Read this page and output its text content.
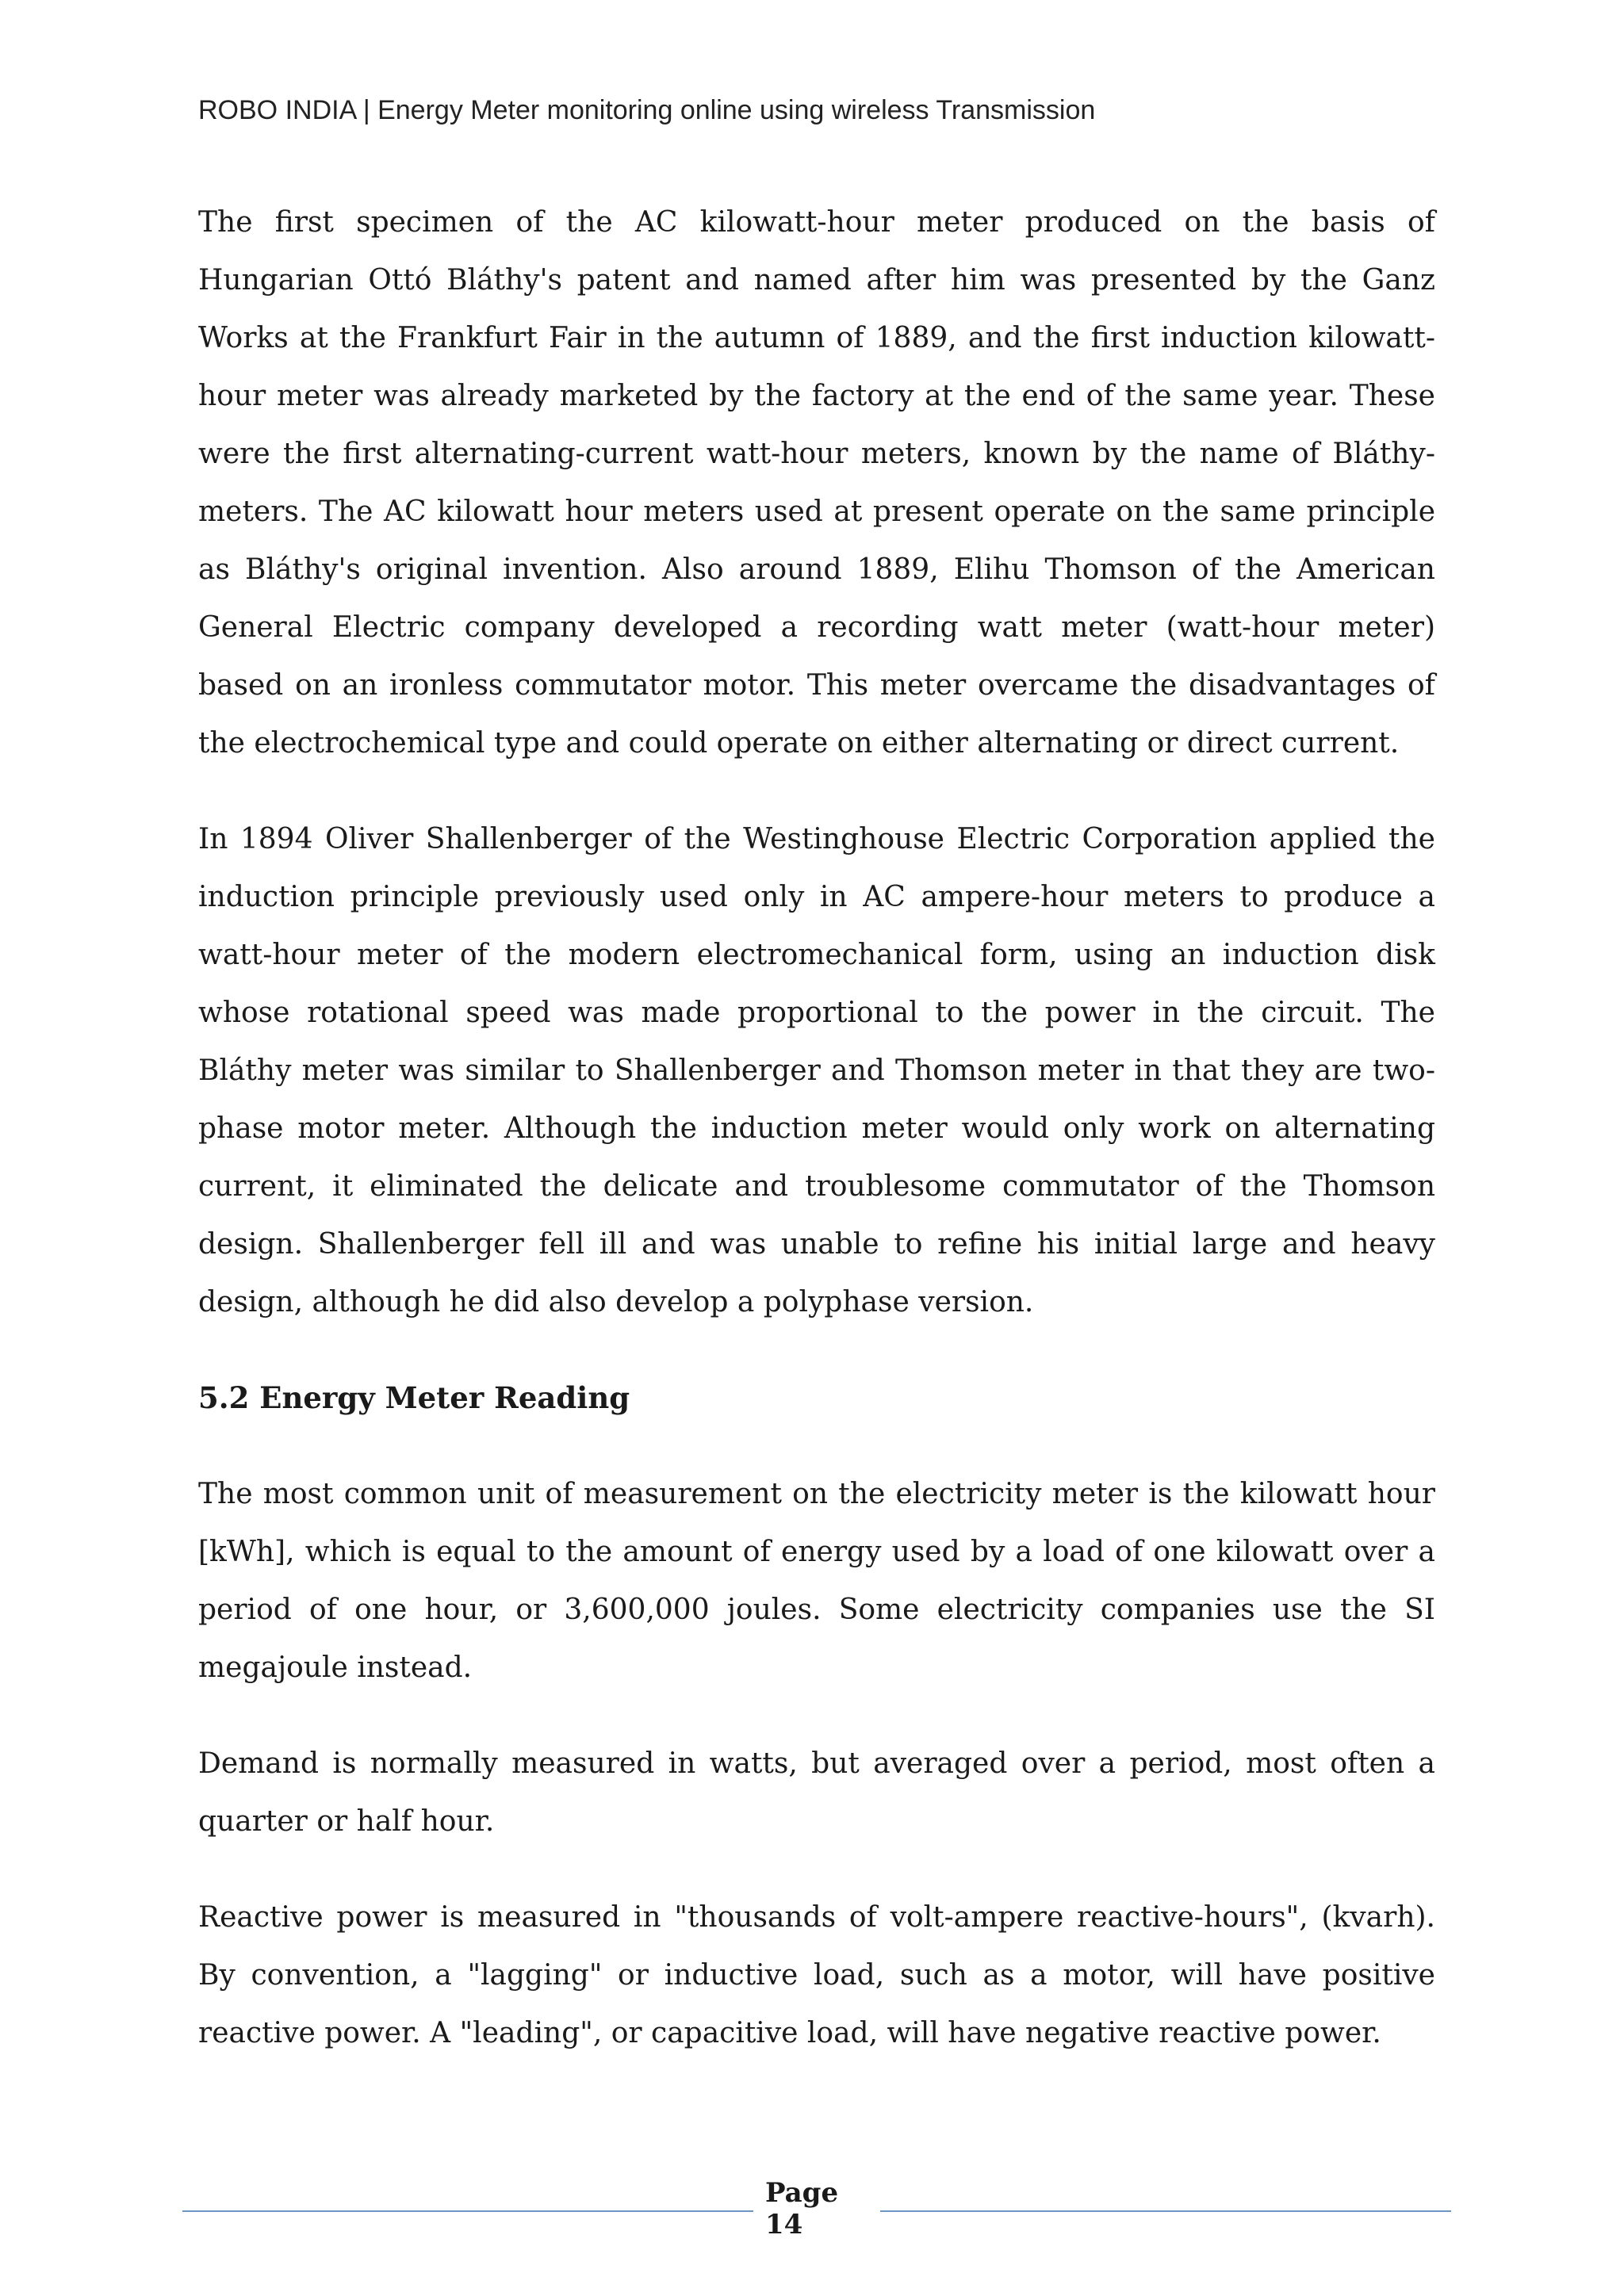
ROBO INDIA | Energy Meter monitoring online using wireless Transmission

The first specimen of the AC kilowatt-hour meter produced on the basis of Hungarian Ottó Bláthy's patent and named after him was presented by the Ganz Works at the Frankfurt Fair in the autumn of 1889, and the first induction kilowatt-hour meter was already marketed by the factory at the end of the same year. These were the first alternating-current watt-hour meters, known by the name of Bláthy-meters. The AC kilowatt hour meters used at present operate on the same principle as Bláthy's original invention. Also around 1889, Elihu Thomson of the American General Electric company developed a recording watt meter (watt-hour meter) based on an ironless commutator motor. This meter overcame the disadvantages of the electrochemical type and could operate on either alternating or direct current.

In 1894 Oliver Shallenberger of the Westinghouse Electric Corporation applied the induction principle previously used only in AC ampere-hour meters to produce a watt-hour meter of the modern electromechanical form, using an induction disk whose rotational speed was made proportional to the power in the circuit. The Bláthy meter was similar to Shallenberger and Thomson meter in that they are two-phase motor meter. Although the induction meter would only work on alternating current, it eliminated the delicate and troublesome commutator of the Thomson design. Shallenberger fell ill and was unable to refine his initial large and heavy design, although he did also develop a polyphase version.

5.2 Energy Meter Reading

The most common unit of measurement on the electricity meter is the kilowatt hour [kWh], which is equal to the amount of energy used by a load of one kilowatt over a period of one hour, or 3,600,000 joules. Some electricity companies use the SI megajoule instead.

Demand is normally measured in watts, but averaged over a period, most often a quarter or half hour.

Reactive power is measured in "thousands of volt-ampere reactive-hours", (kvarh). By convention, a "lagging" or inductive load, such as a motor, will have positive reactive power. A "leading", or capacitive load, will have negative reactive power.

Page
14
